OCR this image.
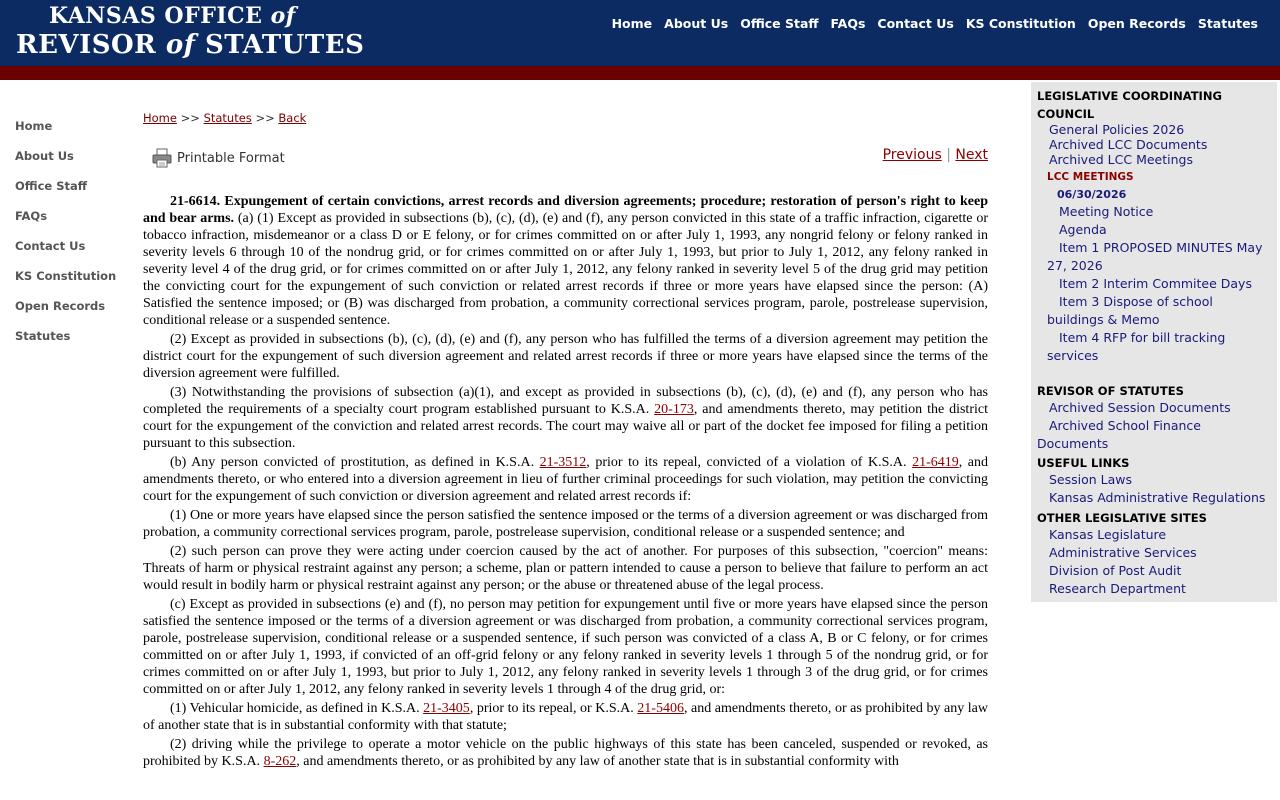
KANSAS OFFICE of
REVISOR of STATUTES
Home About Us Office Staff FAQs Contact Us KS Constitution Open Records Statutes
Home
About Us
Office Staff
FAQs
Contact Us
KS Constitution
Open Records
Statutes
Home >> Statutes >> Back
Printable Format	Previous | Next

21-6614. Expungement of certain convictions, arrest records and diversion agreements; procedure; restoration of person's right to keep and bear arms. (a) (1) Except as provided in subsections (b), (c), (d), (e) and (f), any person convicted in this state of a traffic infraction, cigarette or tobacco infraction, misdemeanor or a class D or E felony, or for crimes committed on or after July 1, 1993, any nongrid felony or felony ranked in severity levels 6 through 10 of the nondrug grid, or for crimes committed on or after July 1, 1993, but prior to July 1, 2012, any felony ranked in severity level 4 of the drug grid, or for crimes committed on or after July 1, 2012, any felony ranked in severity level 5 of the drug grid may petition the convicting court for the expungement of such conviction or related arrest records if three or more years have elapsed since the person: (A) Satisfied the sentence imposed; or (B) was discharged from probation, a community correctional services program, parole, postrelease supervision, conditional release or a suspended sentence.

(2) Except as provided in subsections (b), (c), (d), (e) and (f), any person who has fulfilled the terms of a diversion agreement may petition the district court for the expungement of such diversion agreement and related arrest records if three or more years have elapsed since the terms of the diversion agreement were fulfilled.

(3) Notwithstanding the provisions of subsection (a)(1), and except as provided in subsections (b), (c), (d), (e) and (f), any person who has completed the requirements of a specialty court program established pursuant to K.S.A. 20-173, and amendments thereto, may petition the district court for the expungement of the conviction and related arrest records. The court may waive all or part of the docket fee imposed for filing a petition pursuant to this subsection.

(b) Any person convicted of prostitution, as defined in K.S.A. 21-3512, prior to its repeal, convicted of a violation of K.S.A. 21-6419, and amendments thereto, or who entered into a diversion agreement in lieu of further criminal proceedings for such violation, may petition the convicting court for the expungement of such conviction or diversion agreement and related arrest records if:

(1) One or more years have elapsed since the person satisfied the sentence imposed or the terms of a diversion agreement or was discharged from probation, a community correctional services program, parole, postrelease supervision, conditional release or a suspended sentence; and

(2) such person can prove they were acting under coercion caused by the act of another. For purposes of this subsection, "coercion" means: Threats of harm or physical restraint against any person; a scheme, plan or pattern intended to cause a person to believe that failure to perform an act would result in bodily harm or physical restraint against any person; or the abuse or threatened abuse of the legal process.

(c) Except as provided in subsections (e) and (f), no person may petition for expungement until five or more years have elapsed since the person satisfied the sentence imposed or the terms of a diversion agreement or was discharged from probation, a community correctional services program, parole, postrelease supervision, conditional release or a suspended sentence, if such person was convicted of a class A, B or C felony, or for crimes committed on or after July 1, 1993, if convicted of an off-grid felony or any felony ranked in severity levels 1 through 5 of the nondrug grid, or for crimes committed on or after July 1, 1993, but prior to July 1, 2012, any felony ranked in severity levels 1 through 3 of the drug grid, or for crimes committed on or after July 1, 2012, any felony ranked in severity levels 1 through 4 of the drug grid, or:

(1) Vehicular homicide, as defined in K.S.A. 21-3405, prior to its repeal, or K.S.A. 21-5406, and amendments thereto, or as prohibited by any law of another state that is in substantial conformity with that statute;

(2) driving while the privilege to operate a motor vehicle on the public highways of this state has been canceled, suspended or revoked, as prohibited by K.S.A. 8-262, and amendments thereto, or as prohibited by any law of another state that is in substantial conformity with

LEGISLATIVE COORDINATING
COUNCIL
General Policies 2026
Archived LCC Documents
Archived LCC Meetings
LCC MEETINGS
06/30/2026
Meeting Notice
Agenda
Item 1 PROPOSED MINUTES May
27, 2026
Item 2 Interim Commitee Days
Item 3 Dispose of school
buildings & Memo
Item 4 RFP for bill tracking
services
REVISOR OF STATUTES
Archived Session Documents
Archived School Finance
Documents
USEFUL LINKS
Session Laws
Kansas Administrative Regulations
OTHER LEGISLATIVE SITES
Kansas Legislature
Administrative Services
Division of Post Audit
Research Department
